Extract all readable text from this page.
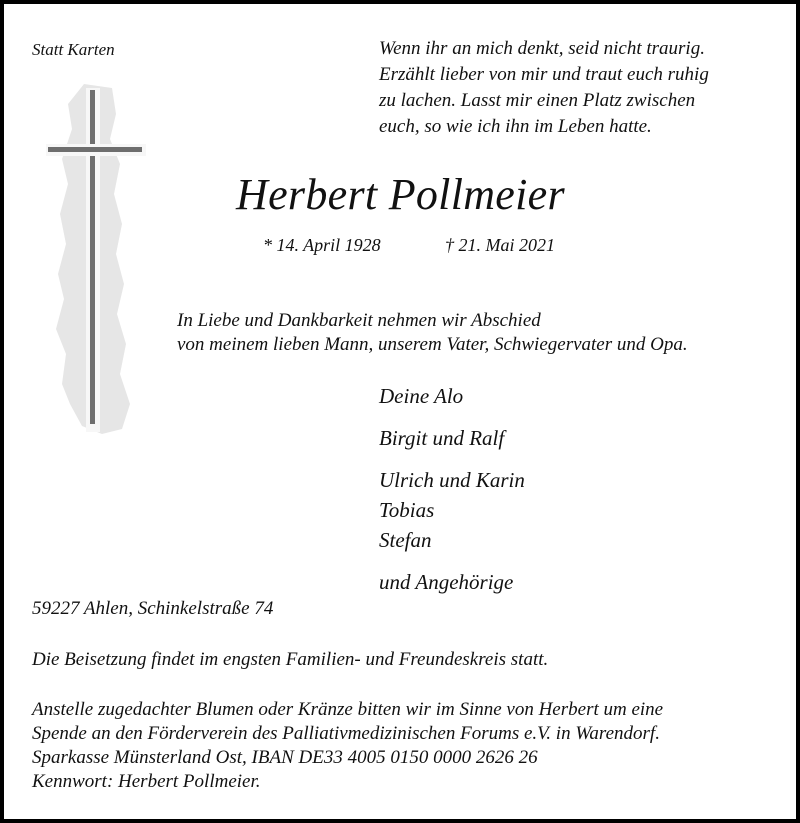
Statt Karten	Wenn ihr an mich denkt, seid nicht traurig.
Erzählt lieber von mir und traut euch ruhig
zu lachen. Lasst mir einen Platz zwischen
euch, so wie ich ihn im Leben hatte.
Herbert Pollmeier
* 14. April 1928	† 21. Mai 2021
In Liebe und Dankbarkeit nehmen wir Abschied
von meinem lieben Mann, unserem Vater, Schwiegervater und Opa.
Deine Alo
Birgit und Ralf
Ulrich und Karin
Tobias
Stefan
und Angehörige
59227 Ahlen, Schinkelstraße 74
Die Beisetzung findet im engsten Familien- und Freundeskreis statt.
Anstelle zugedachter Blumen oder Kränze bitten wir im Sinne von Herbert um eine
Spende an den Förderverein des Palliativmedizinischen Forums e.V. in Warendorf.
Sparkasse Münsterland Ost, IBAN DE33 4005 0150 0000 2626 26
Kennwort: Herbert Pollmeier.
